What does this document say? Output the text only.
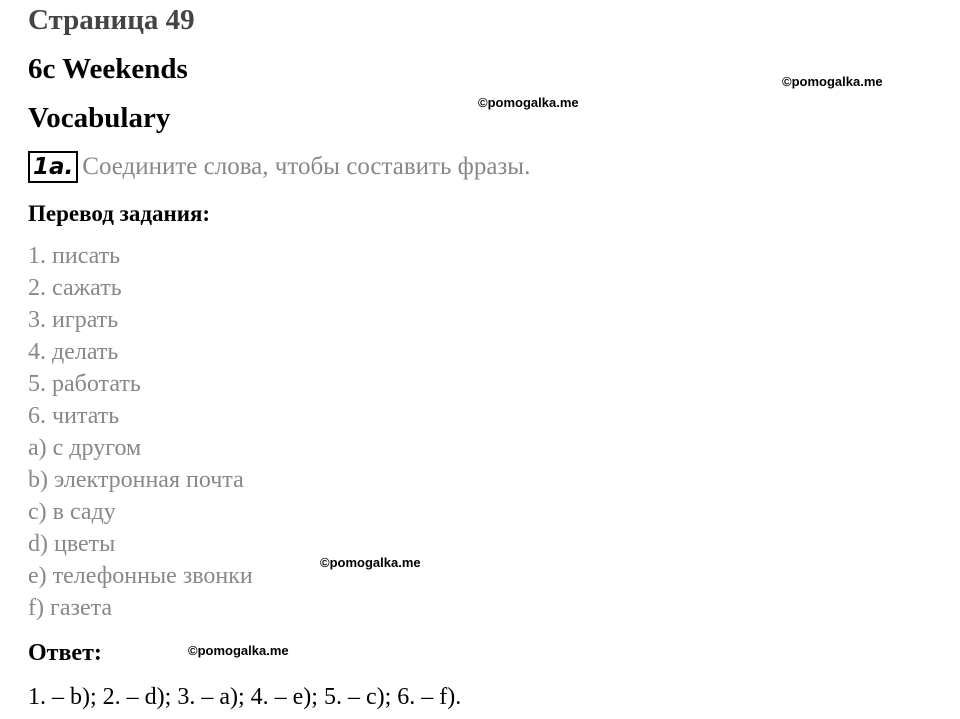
Страница 49
6c Weekends
Vocabulary
1a. Соедините слова, чтобы составить фразы.
Перевод задания:
1. писать
2. сажать
3. играть
4. делать
5. работать
6. читать
a) с другом
b) электронная почта
c) в саду
d) цветы
e) телефонные звонки
f) газета
Ответ:
1. – b); 2. – d); 3. – a); 4. – e); 5. – c); 6. – f).
©pomogalka.me
©pomogalka.me
©pomogalka.me
©pomogalka.me
